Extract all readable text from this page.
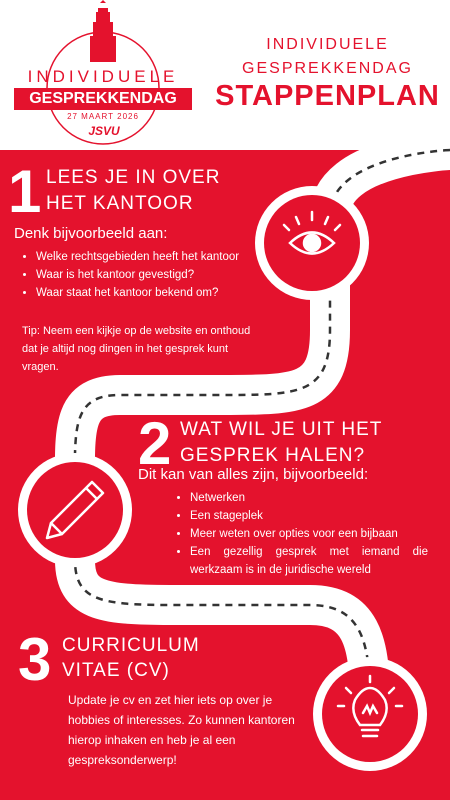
INDIVIDUELE
GESPREKKENDAG
27 MAART 2026
JSVU
INDIVIDUELE
GESPREKKENDAG
STAPPENPLAN
1 LEES JE IN OVER
HET KANTOOR
Denk bijvoorbeeld aan:
• Welke rechtsgebieden heeft het kantoor
• Waar is het kantoor gevestigd?
• Waar staat het kantoor bekend om?
Tip: Neem een kijkje op de website en onthoud dat je altijd nog dingen in het gesprek kunt vragen.
2 WAT WIL JE UIT HET
GESPREK HALEN?
Dit kan van alles zijn, bijvoorbeeld:
• Netwerken
• Een stageplek
• Meer weten over opties voor een bijbaan
• Een gezellig gesprek met iemand die werkzaam is in de juridische wereld
3 CURRICULUM
VITAE (CV)
Update je cv en zet hier iets op over je hobbies of interesses. Zo kunnen kantoren hierop inhaken en heb je al een gespreksonderwerp!
